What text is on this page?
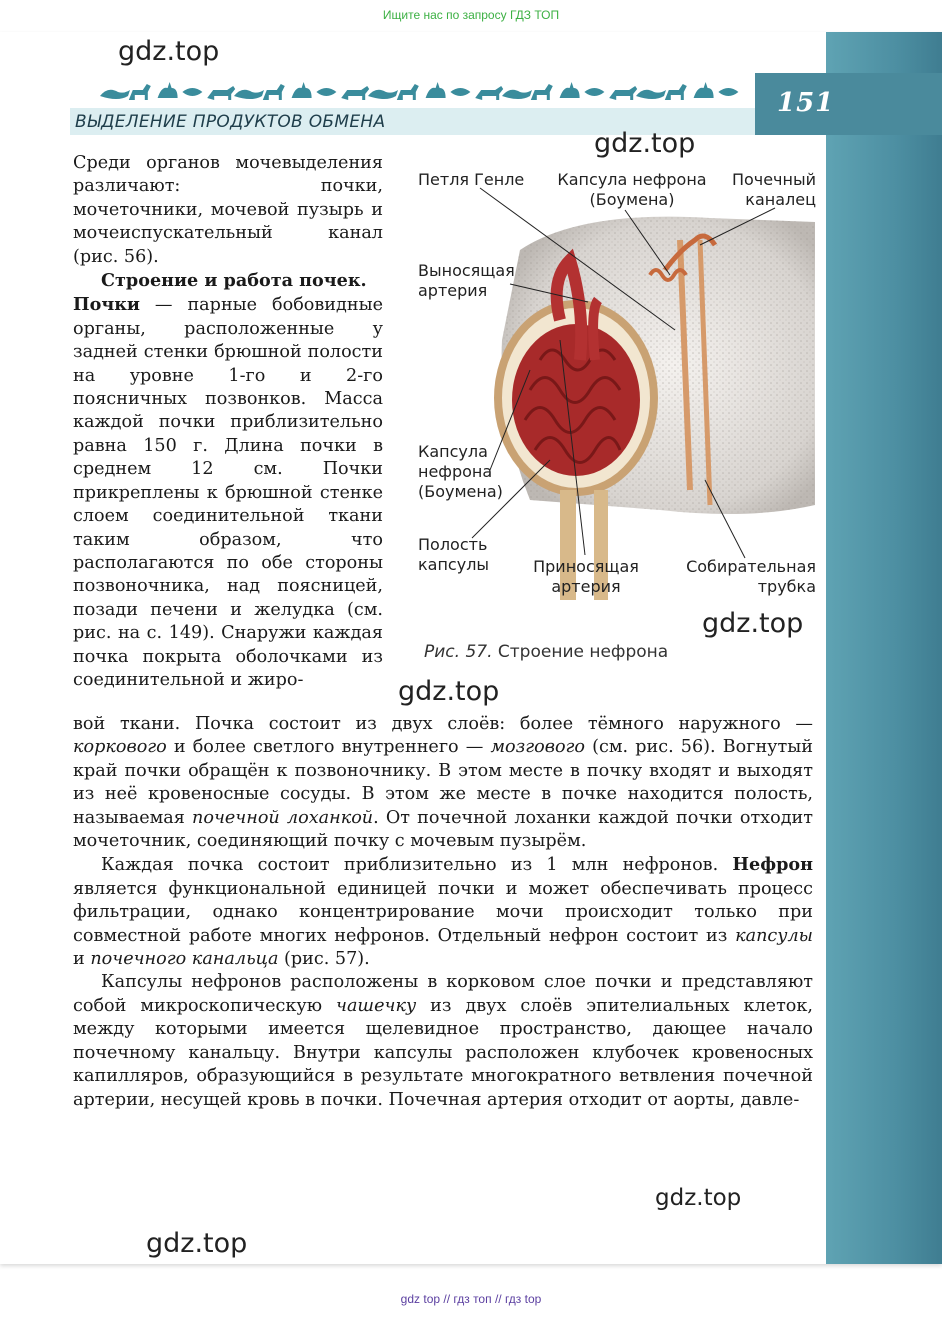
Ищите нас по запросу ГДЗ ТОП
151
ВЫДЕЛЕНИЕ ПРОДУКТОВ ОБМЕНА
gdz.top
gdz.top
gdz.top
gdz.top
gdz.top
gdz.top

Среди органов мочевыделения различают: почки, мочеточники, мочевой пузырь и мочеиспускательный канал (рис. 56).

Строение и работа почек.
Почки — парные бобовидные органы, расположенные у задней стенки брюшной полости на уровне 1-го и 2-го поясничных позвонков. Масса каждой почки приблизительно равна 150 г. Длина почки в среднем 12 см. Почки прикреплены к брюшной стенке слоем соединительной ткани таким образом, что располагаются по обе стороны позвоночника, над поясницей, позади печени и желудка (см. рис. на с. 149). Снаружи каждая почка покрыта оболочками из соединительной и жиро-

Петля Генле	Капсула нефрона
(Боумена)
Почечный
каналец
Выносящая
артерия
Капсула
нефрона
(Боумена)
Полость
капсулы	Приносящая
артерия
Собирательная
трубка
Рис. 57. Строение нефрона

вой ткани. Почка состоит из двух слоёв: более тёмного наружного — коркового и более светлого внутреннего — мозгового (см. рис. 56). Вогнутый край почки обращён к позвоночнику. В этом месте в почку входят и выходят из неё кровеносные сосуды. В этом же месте в почке находится полость, называемая почечной лоханкой. От почечной лоханки каждой почки отходит мочеточник, соединяющий почку с мочевым пузырём.

Каждая почка состоит приблизительно из 1 млн нефронов. Нефрон является функциональной единицей почки и может обеспечивать процесс фильтрации, однако концентрирование мочи происходит только при совместной работе многих нефронов. Отдельный нефрон состоит из капсулы и почечного канальца (рис. 57).

Капсулы нефронов расположены в корковом слое почки и представляют собой микроскопическую чашечку из двух слоёв эпителиальных клеток, между которыми имеется щелевидное пространство, дающее начало почечному канальцу. Внутри капсулы расположен клубочек кровеносных капилляров, образующийся в результате многократного ветвления почечной артерии, несущей кровь в почки. Почечная артерия отходит от аорты, давле-

gdz top // гдз топ // гдз top
